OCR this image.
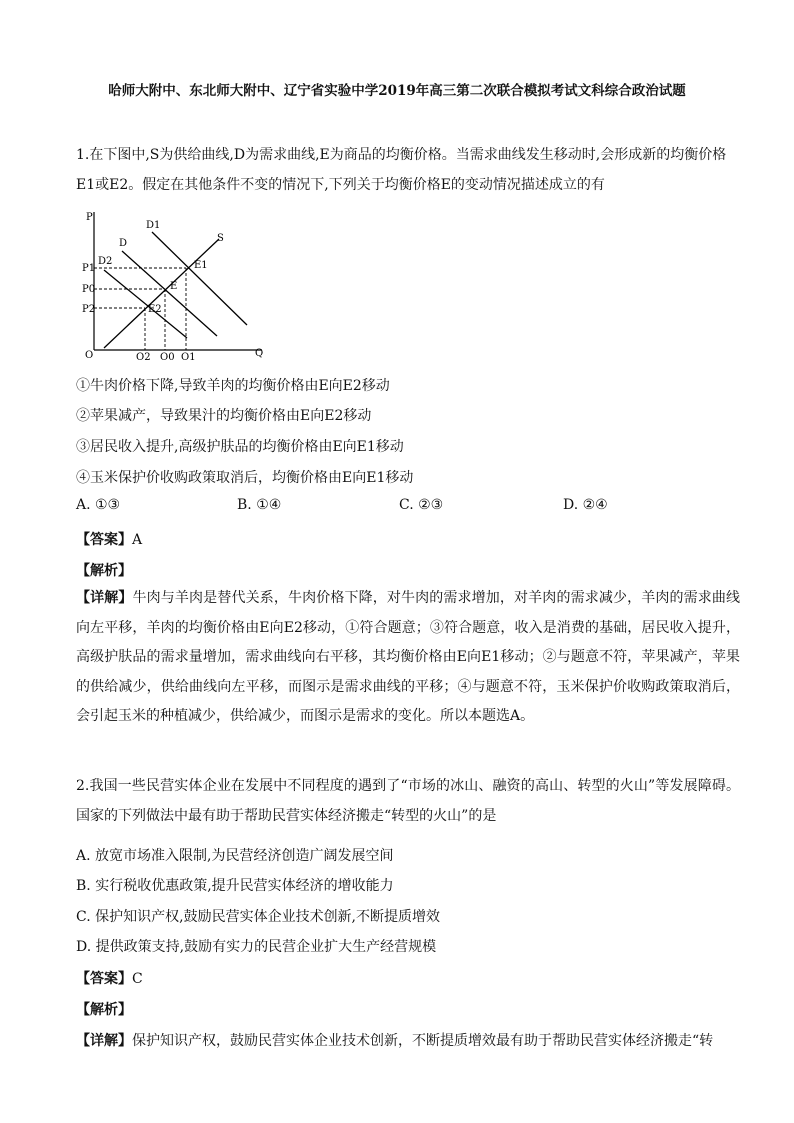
哈师大附中、东北师大附中、辽宁省实验中学2019年高三第二次联合模拟考试文科综合政治试题

1.在下图中,S为供给曲线,D为需求曲线,E为商品的均衡价格。当需求曲线发生移动时,会形成新的均衡价格E1或E2。假定在其他条件不变的情况下,下列关于均衡价格E的变动情况描述成立的有

P
Q
O
P1
P0
P2
Q2 Q0 Q1
D1
D
D2
S
E
E1
E2
①牛肉价格下降,导致羊肉的均衡价格由E向E2移动
②苹果减产，导致果汁的均衡价格由E向E2移动
③居民收入提升,高级护肤品的均衡价格由E向E1移动
④玉米保护价收购政策取消后，均衡价格由E向E1移动
A. ①③	B. ①④	C. ②③	D. ②④
【答案】A
【解析】

【详解】牛肉与羊肉是替代关系，牛肉价格下降，对牛肉的需求增加，对羊肉的需求减少，羊肉的需求曲线向左平移，羊肉的均衡价格由E向E2移动，①符合题意；③符合题意，收入是消费的基础，居民收入提升，高级护肤品的需求量增加，需求曲线向右平移，其均衡价格由E向E1移动；②与题意不符，苹果减产，苹果的供给减少，供给曲线向左平移，而图示是需求曲线的平移；④与题意不符，玉米保护价收购政策取消后，会引起玉米的种植减少，供给减少，而图示是需求的变化。所以本题选A。

2.我国一些民营实体企业在发展中不同程度的遇到了“市场的冰山、融资的高山、转型的火山”等发展障碍。国家的下列做法中最有助于帮助民营实体经济搬走“转型的火山”的是

A. 放宽市场准入限制,为民营经济创造广阔发展空间
B. 实行税收优惠政策,提升民营实体经济的增收能力
C. 保护知识产权,鼓励民营实体企业技术创新,不断提质增效
D. 提供政策支持,鼓励有实力的民营企业扩大生产经营规模
【答案】C
【解析】
【详解】保护知识产权，鼓励民营实体企业技术创新，不断提质增效最有助于帮助民营实体经济搬走“转
